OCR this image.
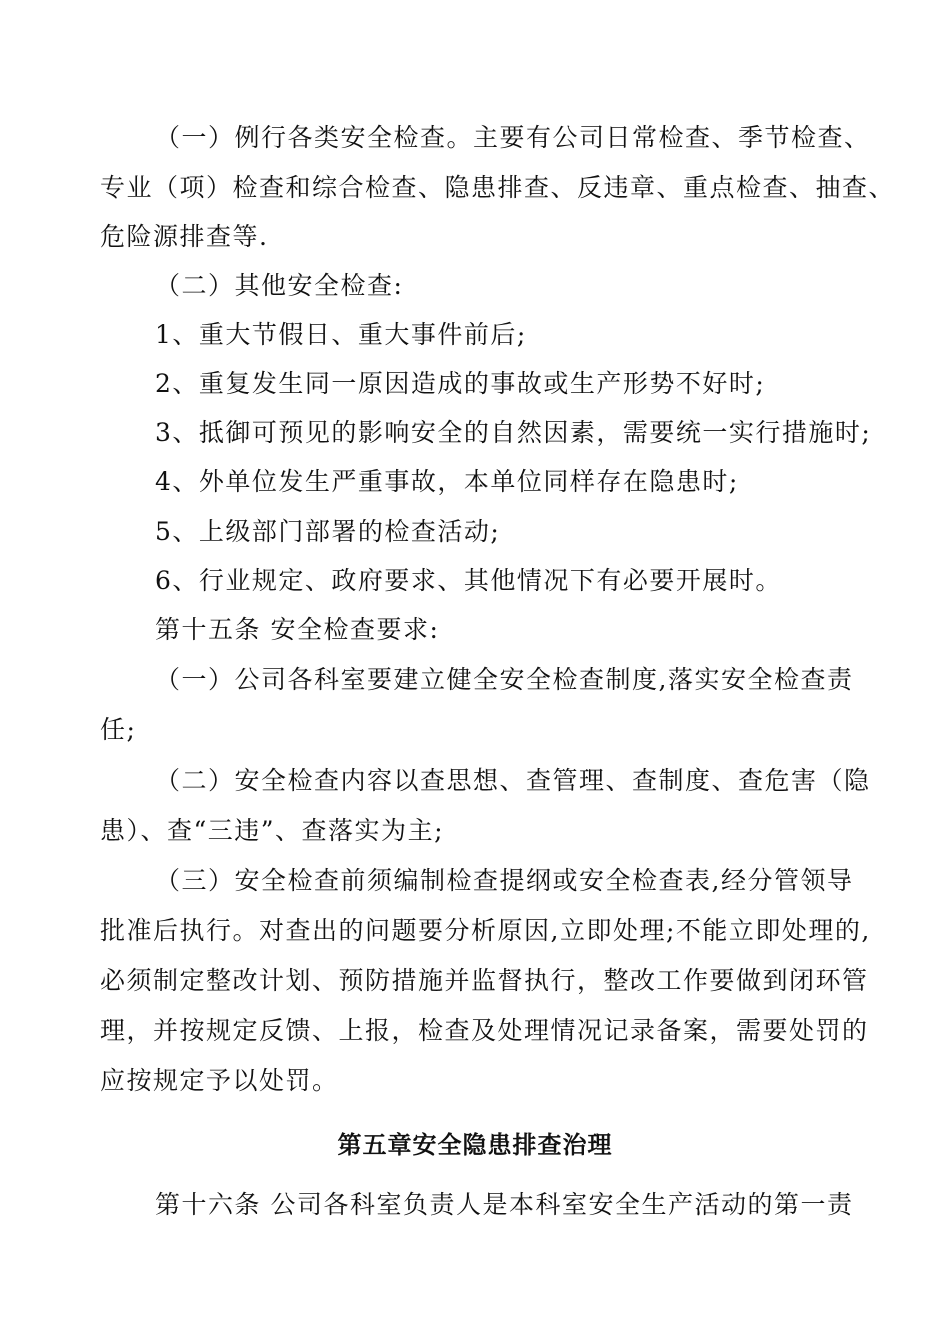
（一）例行各类安全检查。主要有公司日常检查、季节检查、
专业（项）检查和综合检查、隐患排查、反违章、重点检查、抽查、
危险源排查等.
（二）其他安全检查:
1、重大节假日、重大事件前后;
2、重复发生同一原因造成的事故或生产形势不好时;
3、抵御可预见的影响安全的自然因素，需要统一实行措施时;
4、外单位发生严重事故，本单位同样存在隐患时;
5、上级部门部署的检查活动;
6、行业规定、政府要求、其他情况下有必要开展时。
第十五条 安全检查要求:
（一）公司各科室要建立健全安全检查制度,落实安全检查责
任;
（二）安全检查内容以查思想、查管理、查制度、查危害（隐
患）、查“三违”、查落实为主;
（三）安全检查前须编制检查提纲或安全检查表,经分管领导
批准后执行。对查出的问题要分析原因,立即处理;不能立即处理的,
必须制定整改计划、预防措施并监督执行，整改工作要做到闭环管
理，并按规定反馈、上报，检查及处理情况记录备案，需要处罚的
应按规定予以处罚。
第五章安全隐患排查治理
第十六条 公司各科室负责人是本科室安全生产活动的第一责
